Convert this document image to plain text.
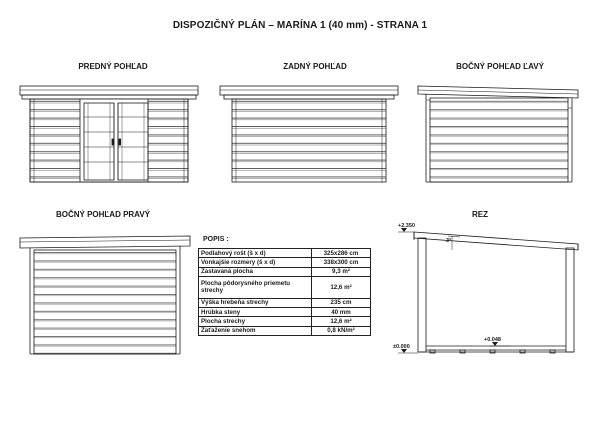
DISPOZIČNÝ PLÁN – MARÍNA 1 (40 mm) - STRANA 1
PREDNÝ POHĽAD	ZADNÝ POHĽAD	BOČNÝ POHĽAD ĽAVÝ
BOČNÝ POHĽAD PRAVÝ	REZ
+2.350
±0.000
+0.048
3°
POPIS :
Podlahový rošt (š x d)	325x286 cm
Vonkajšie rozmery (š x d)	338x300 cm
Zastavaná plocha	9,3 m²
Plocha pôdorysného priemetu strechy	12,6 m²
Výška hrebeňa strechy	235 cm
Hrúbka steny	40 mm
Plocha strechy	12,6 m²
Zaťaženie snehom	0,8 kN/m²
